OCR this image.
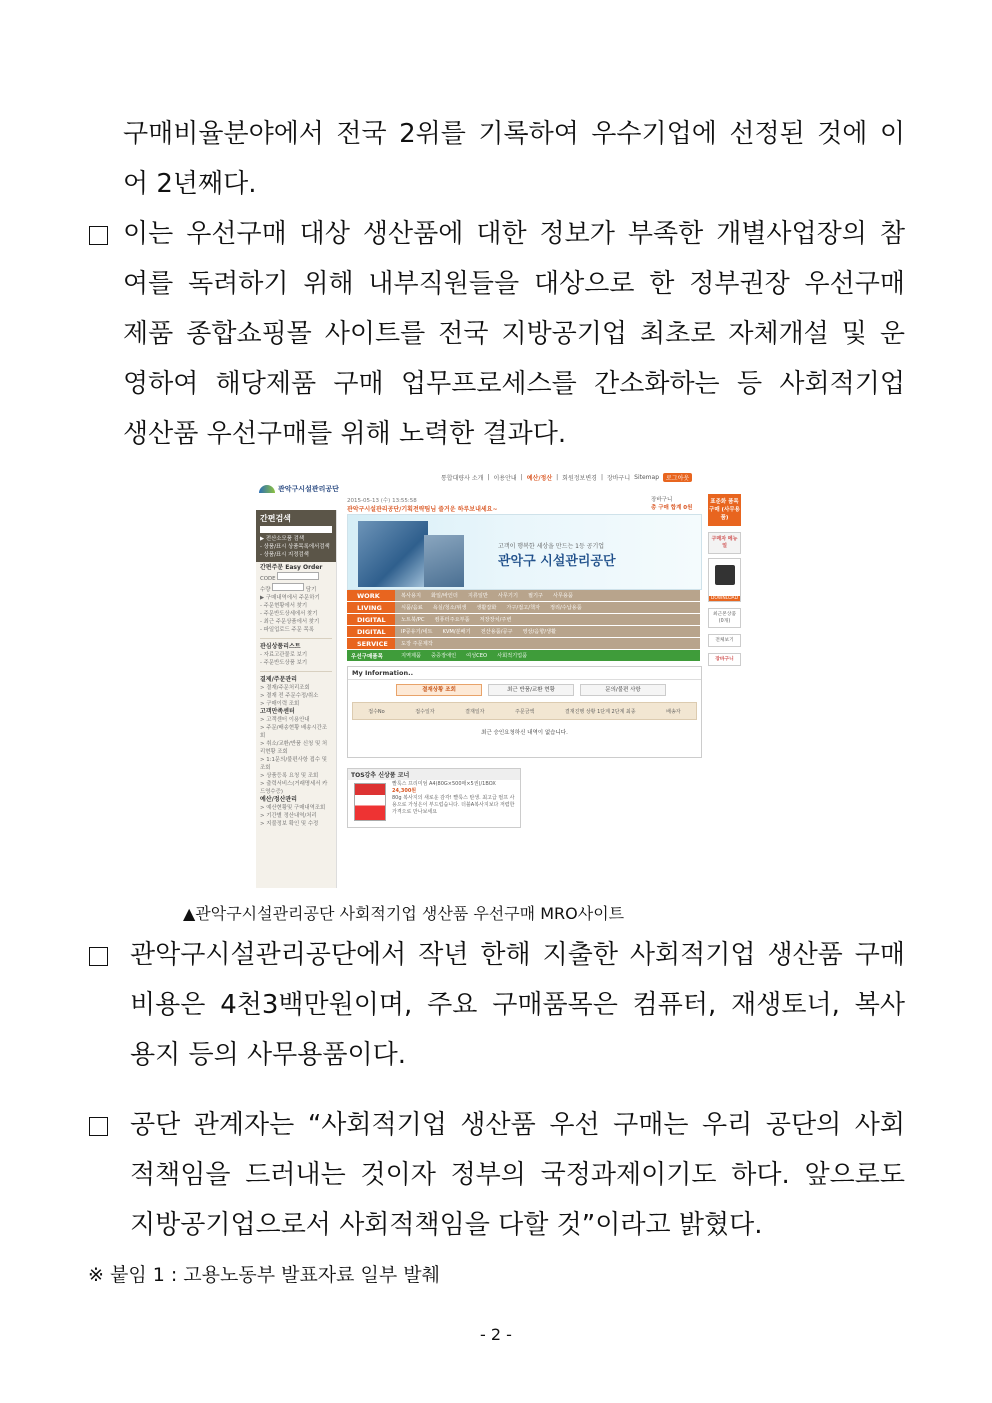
구매비율분야에서 전국 2위를 기록하여 우수기업에 선정된 것에 이
어 2년째다.
이는 우선구매 대상 생산품에 대한 정보가 부족한 개별사업장의 참
여를 독려하기 위해 내부직원들을 대상으로 한 정부권장 우선구매
제품 종합쇼핑몰 사이트를 전국 지방공기업 최초로 자체개설 및 운
영하여 해당제품 구매 업무프로세스를 간소화하는 등 사회적기업
생산품 우선구매를 위해 노력한 결과다.
관악구시설관리공단
통합대량사 소개 | 이용안내 | 예산/정산 | 회원정보변경 | 장바구니 Sitemap	로그아웃
간편검색
▶ 전산소모품 검색
- 상품/표시 상품목록에서검색
- 상품/표시 지정검색
간편주문 Easy Order
CODE
수량	담기
▶ 구매내역에서 주문하기
- 주문현황에서 찾기
- 주문반도상세에서 찾기
- 최근 주문상품에서 찾기
- 파일업로드 주문 목록
관심상품리스트
- 자료고관물로 보기
- 주문반도상품 보기
결제/주문관리
> 결재/주문처리조회
> 결재 전 주문수정/취소
> 구매이력 조회
고객만족센터
> 고객센터 이용안내
> 주문/배송현황 배송시간조회
> 취소/교환/반품 신청 및 처리현황 조회
> 1:1문의/불편사항 접수 및 조회
> 상품등록 요청 및 조회
> 출력서비스(거래명세서 카드영수증)
예산/정산관리
> 예산현황및 구매내역조회
> 기간별 정산내역/처리
> 지불정보 확인 및 수정
2015-05-13 (수) 13:55:58
관악구시설관리공단/기획전략팀님 즐거운 하루보내세요~
장바구니
총 구매 합계 0원
고객이 행복한 세상을 만드는 1등 공기업
관악구 시설관리공단
WORK	복사용지 화일/바인더 지류일반 사무기기 필기구 사무용품
LIVING	식품/음료 욕실/청소/위생 생활잡화 가구/접고/책자 정리/수납용품
DIGITAL	노트북/PC 컴퓨터주요부품 저장장치/주변
DIGITAL	IP공유기/네트 KVM/분배기 전산용품/공구 영상/음향/생활
SERVICE	도장 주문제작
우선구매품목	지역제품 중증장애인 여성CEO 사회적기업품
My Information..
결재상황 조회	최근 반품/교환 현황	문의/불편 사항
접수No	접수일자	결재일자	주문금액	결재진행 상황 1단계 2단계 최종	배송자
최근 승인요청하신 내역이 없습니다.
TOS강추 신상품 코너
빨룩스 프리미엄 A4(80G×500매×5권)/1BOX
24,300원
80g 복사지의 새로운 감각! 빨룩스 탄생. 최고급 펄프 사용으로 가성은이 부드럽습니다. 더블A복사지보다 저렴한 가격으로 만나보세요
표준화 품목구매 (사무용품)
구매자 메뉴얼
DOWNLOAD
최근본상품 (0개)
전체보기
장바구니
▲관악구시설관리공단 사회적기업 생산품 우선구매 MRO사이트
관악구시설관리공단에서 작년 한해 지출한 사회적기업 생산품 구매
비용은 4천3백만원이며, 주요 구매품목은 컴퓨터, 재생토너, 복사
용지 등의 사무용품이다.
공단 관계자는 “사회적기업 생산품 우선 구매는 우리 공단의 사회
적책임을 드러내는 것이자 정부의 국정과제이기도 하다. 앞으로도
지방공기업으로서 사회적책임을 다할 것”이라고 밝혔다.
※ 붙임 1 : 고용노동부 발표자료 일부 발췌
- 2 -
